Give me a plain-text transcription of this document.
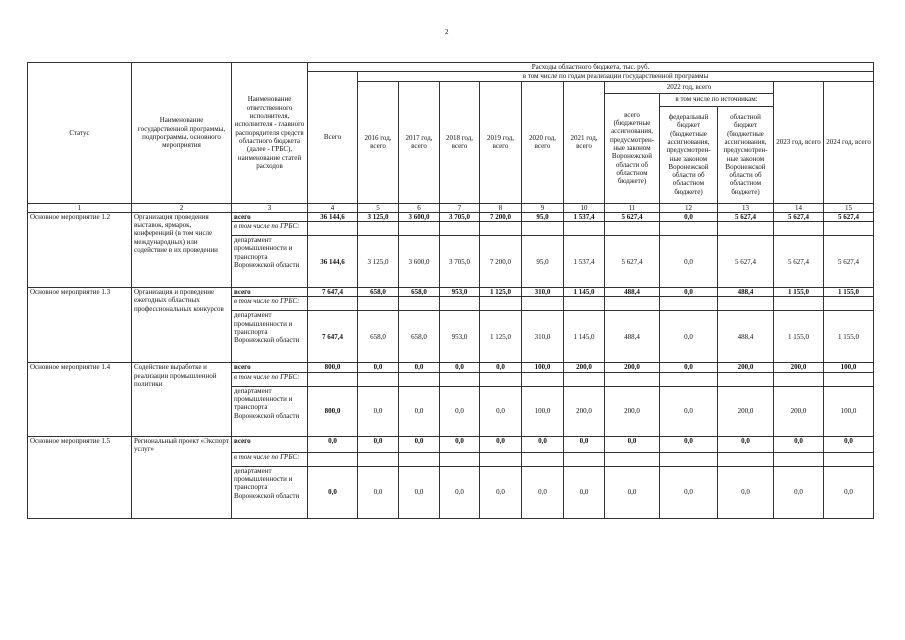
2
Статус	Наименование государственной программы, подпрограммы, основного мероприятия	Наименование ответственного исполнителя, исполнителя - главного распорядителя средств областного бюджета (далее - ГРБС), наименование статей расходов	Расходы областного бюджета, тыс. руб.											
			Всего	в том числе по годам реализации государственной программы										
				2016 год, всего	2017 год, всего	2018 год, всего	2019 год, всего	2020 год, всего	2021 год, всего	2022 год, всего			2023 год, всего	2024 год, всего
										всего (бюджетные ассигнования, предусмотрен-ные законом Воронежской области об областном бюджете)	в том числе по источникам:			
											федеральный бюджет (бюджетные ассигнования, предусмотрен-ные законом Воронежской области об областном бюджете)	областной бюджет (бюджетные ассигнования, предусмотрен-ные законом Воронежской области об областном бюджете)		
1	2	3	4	5	6	7	8	9	10	11	12	13	14	15
Основное мероприятие 1.2	Организация проведения выставок, ярмарок, конференций (в том числе международных) или содействие в их проведении	всего	36 144,6	3 125,0	3 600,0	3 705,0	7 200,0	95,0	1 537,4	5 627,4	0,0	5 627,4	5 627,4	5 627,4
		в том числе по ГРБС:												
		департамент промышленности и транспорта Воронежской области	36 144,6	3 125,0	3 600,0	3 705,0	7 200,0	95,0	1 537,4	5 627,4	0,0	5 627,4	5 627,4	5 627,4
Основное мероприятие 1.3	Организация и проведение ежегодных областных профессиональных конкурсов	всего	7 647,4	658,0	658,0	953,0	1 125,0	310,0	1 145,0	488,4	0,0	488,4	1 155,0	1 155,0
		в том числе по ГРБС:												
		департамент промышленности и транспорта Воронежской области	7 647,4	658,0	658,0	953,0	1 125,0	310,0	1 145,0	488,4	0,0	488,4	1 155,0	1 155,0
Основное мероприятие 1.4	Содействие выработке и реализации промышленной политики	всего	800,0	0,0	0,0	0,0	0,0	100,0	200,0	200,0	0,0	200,0	200,0	100,0
		в том числе по ГРБС:												
		департамент промышленности и транспорта Воронежской области	800,0	0,0	0,0	0,0	0,0	100,0	200,0	200,0	0,0	200,0	200,0	100,0
Основное мероприятие 1.5	Региональный проект «Экспорт услуг»	всего	0,0	0,0	0,0	0,0	0,0	0,0	0,0	0,0	0,0	0,0	0,0	0,0
		в том числе по ГРБС:												
		департамент промышленности и транспорта Воронежской области	0,0	0,0	0,0	0,0	0,0	0,0	0,0	0,0	0,0	0,0	0,0	0,0
